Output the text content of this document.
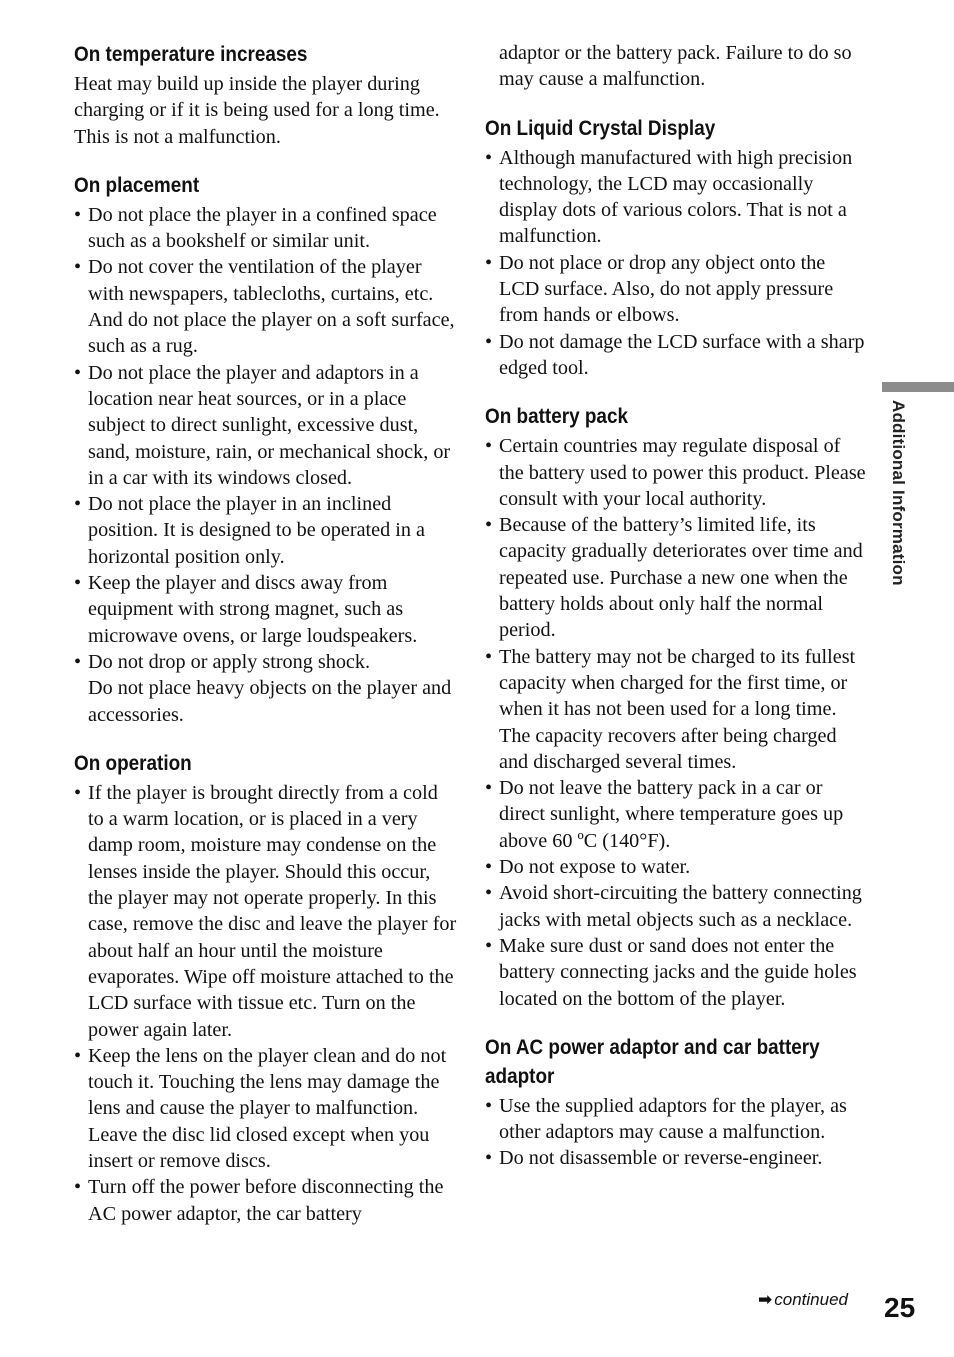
On temperature increases

Heat may build up inside the player during charging or if it is being used for a long time. This is not a malfunction.

On placement
• Do not place the player in a confined space such as a bookshelf or similar unit.
• Do not cover the ventilation of the player with newspapers, tablecloths, curtains, etc. And do not place the player on a soft surface, such as a rug.
• Do not place the player and adaptors in a location near heat sources, or in a place subject to direct sunlight, excessive dust, sand, moisture, rain, or mechanical shock, or in a car with its windows closed.
• Do not place the player in an inclined position. It is designed to be operated in a horizontal position only.
• Keep the player and discs away from equipment with strong magnet, such as microwave ovens, or large loudspeakers.
• Do not drop or apply strong shock.
Do not place heavy objects on the player and accessories.
On operation
• If the player is brought directly from a cold to a warm location, or is placed in a very damp room, moisture may condense on the lenses inside the player. Should this occur, the player may not operate properly. In this case, remove the disc and leave the player for about half an hour until the moisture evaporates. Wipe off moisture attached to the LCD surface with tissue etc. Turn on the power again later.
• Keep the lens on the player clean and do not touch it. Touching the lens may damage the lens and cause the player to malfunction. Leave the disc lid closed except when you insert or remove discs.
• Turn off the power before disconnecting the AC power adaptor, the car battery

adaptor or the battery pack. Failure to do so may cause a malfunction.

On Liquid Crystal Display
• Although manufactured with high precision technology, the LCD may occasionally display dots of various colors. That is not a malfunction.
• Do not place or drop any object onto the LCD surface. Also, do not apply pressure from hands or elbows.
• Do not damage the LCD surface with a sharp edged tool.
On battery pack
• Certain countries may regulate disposal of the battery used to power this product. Please consult with your local authority.
• Because of the battery’s limited life, its capacity gradually deteriorates over time and repeated use. Purchase a new one when the battery holds about only half the normal period.
• The battery may not be charged to its fullest capacity when charged for the first time, or when it has not been used for a long time. The capacity recovers after being charged and discharged several times.
• Do not leave the battery pack in a car or direct sunlight, where temperature goes up above 60 ºC (140°F).
• Do not expose to water.
• Avoid short-circuiting the battery connecting jacks with metal objects such as a necklace.
• Make sure dust or sand does not enter the battery connecting jacks and the guide holes located on the bottom of the player.
On AC power adaptor and car battery adaptor
• Use the supplied adaptors for the player, as other adaptors may cause a malfunction.
• Do not disassemble or reverse-engineer.
Additional Information
➡ continued 25
